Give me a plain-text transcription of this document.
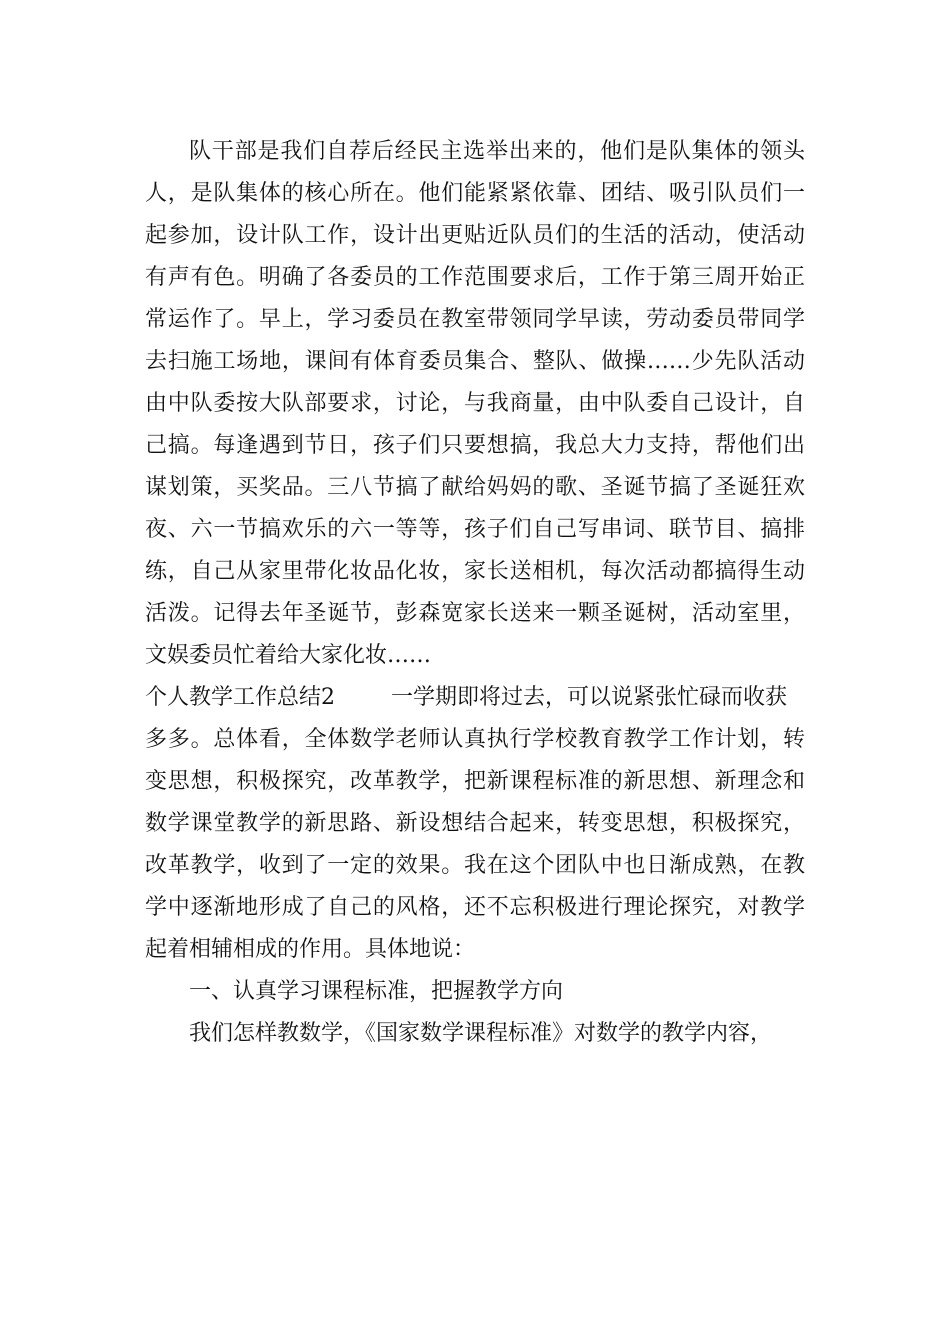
队干部是我们自荐后经民主选举出来的，他们是队集体的领头
人，是队集体的核心所在。他们能紧紧依靠、团结、吸引队员们一
起参加，设计队工作，设计出更贴近队员们的生活的活动，使活动
有声有色。明确了各委员的工作范围要求后，工作于第三周开始正
常运作了。早上，学习委员在教室带领同学早读，劳动委员带同学
去扫施工场地，课间有体育委员集合、整队、做操……少先队活动
由中队委按大队部要求，讨论，与我商量，由中队委自己设计，自
己搞。每逢遇到节日，孩子们只要想搞，我总大力支持，帮他们出
谋划策，买奖品。三八节搞了献给妈妈的歌、圣诞节搞了圣诞狂欢
夜、六一节搞欢乐的六一等等，孩子们自己写串词、联节目、搞排
练，自己从家里带化妆品化妆，家长送相机，每次活动都搞得生动
活泼。记得去年圣诞节，彭森宽家长送来一颗圣诞树，活动室里，
文娱委员忙着给大家化妆……
个人教学工作总结2	一学期即将过去，可以说紧张忙碌而收获
多多。总体看，全体数学老师认真执行学校教育教学工作计划，转
变思想，积极探究，改革教学，把新课程标准的新思想、新理念和
数学课堂教学的新思路、新设想结合起来，转变思想，积极探究，
改革教学，收到了一定的效果。我在这个团队中也日渐成熟，在教
学中逐渐地形成了自己的风格，还不忘积极进行理论探究，对教学
起着相辅相成的作用。具体地说：
一、认真学习课程标准，把握教学方向
我们怎样教数学，《国家数学课程标准》对数学的教学内容，
